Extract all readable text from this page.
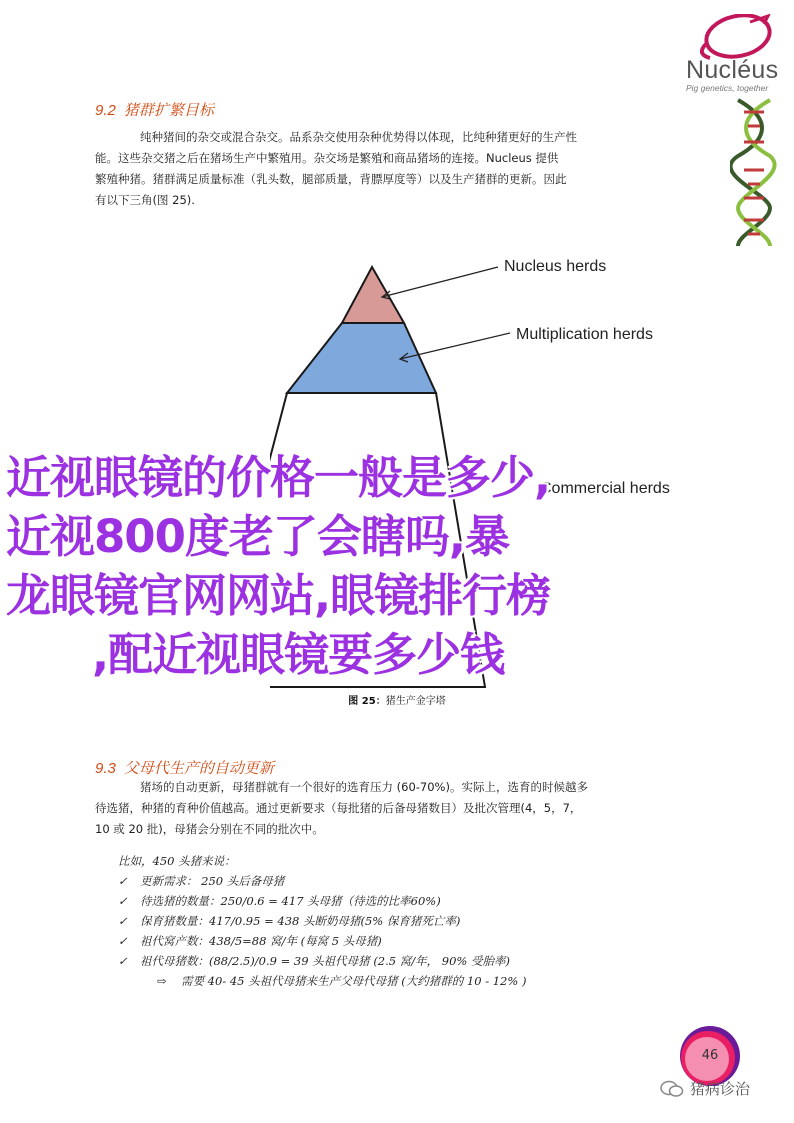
Nucléus
Pig genetics, together
9.2 猪群扩繁目标
纯种猪间的杂交或混合杂交。品系杂交使用杂种优势得以体现，比纯种猪更好的生产性
能。这些杂交猪之后在猪场生产中繁殖用。杂交场是繁殖和商品猪场的连接。Nucleus 提供
繁殖种猪。猪群满足质量标准（乳头数，腿部质量，背膘厚度等）以及生产猪群的更新。因此
有以下三角(图 25).
Nucleus herds
Multiplication herds
Commercial herds
图 25：猪生产金字塔
近视眼镜的价格一般是多少,
近视800度老了会瞎吗,暴
龙眼镜官网网站,眼镜排行榜
,配近视眼镜要多少钱
9.3 父母代生产的自动更新
猪场的自动更新，母猪群就有一个很好的选育压力 (60-70%)。实际上，选育的时候越多
待选猪，种猪的育种价值越高。通过更新要求（每批猪的后备母猪数目）及批次管理(4，5，7，
10 或 20 批)，母猪会分别在不同的批次中。
比如，450 头猪来说：
✓ 更新需求： 250 头后备母猪
✓ 待选猪的数量：250/0.6 = 417 头母猪（待选的比率60%)
✓ 保育猪数量：417/0.95 = 438 头断奶母猪(5% 保育猪死亡率)
✓ 祖代窝产数：438/5=88 窝/年 (每窝 5 头母猪)
✓ 祖代母猪数：(88/2.5)/0.9 = 39 头祖代母猪 (2.5 窝/年， 90% 受胎率)
⇨ 需要 40- 45 头祖代母猪来生产父母代母猪 (大约猪群的 10 - 12% )
46
猪病诊治
